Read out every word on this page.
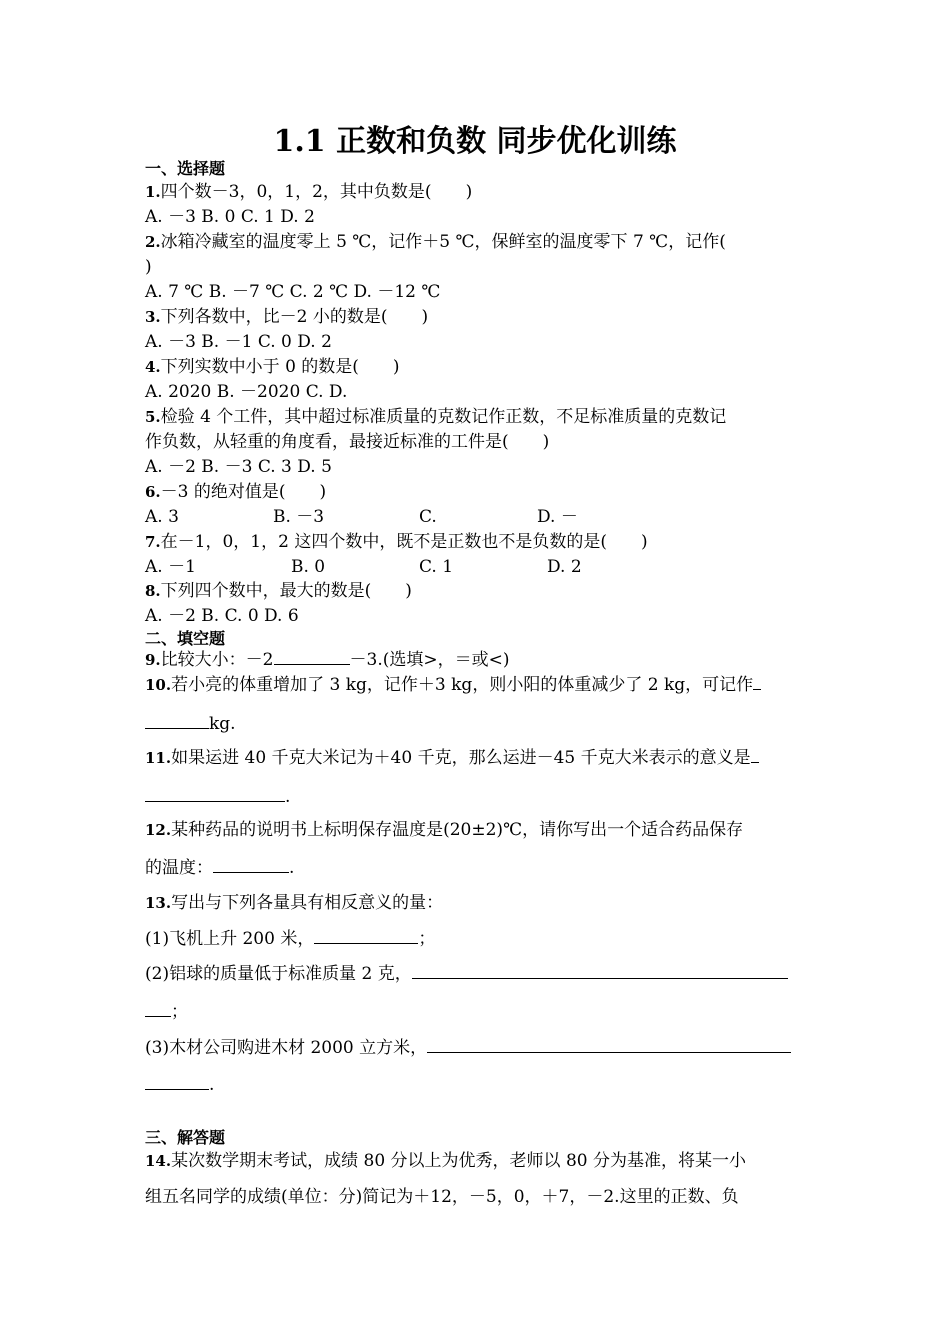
1.1 正数和负数 同步优化训练
一、选择题
1.四个数－3，0，1，2，其中负数是(　　)
A. －3 B. 0 C. 1 D. 2
2.冰箱冷藏室的温度零上 5 ℃，记作＋5 ℃，保鲜室的温度零下 7 ℃，记作(
)
A. 7 ℃ B. －7 ℃ C. 2 ℃ D. －12 ℃
3.下列各数中，比－2 小的数是(　　)
A. －3 B. －1 C. 0 D. 2
4.下列实数中小于 0 的数是(　　)
A. 2020 B. －2020 C. D.
5.检验 4 个工件，其中超过标准质量的克数记作正数，不足标准质量的克数记
作负数，从轻重的角度看，最接近标准的工件是(　　)
A. －2 B. －3 C. 3 D. 5
6.－3 的绝对值是(　　)
A. 3	B. －3	C.	D. －
7.在－1，0，1，2 这四个数中，既不是正数也不是负数的是(　　)
A. －1	B. 0	C. 1	D. 2
8.下列四个数中，最大的数是(　　)
A. －2 B. C. 0 D. 6
二、填空题
9.比较大小：－2	－3.(选填>，＝或<)
10.若小亮的体重增加了 3 kg，记作＋3 kg，则小阳的体重减少了 2 kg，可记作
kg.
11.如果运进 40 千克大米记为＋40 千克，那么运进－45 千克大米表示的意义是
.
12.某种药品的说明书上标明保存温度是(20±2)℃，请你写出一个适合药品保存
的温度：	.
13.写出与下列各量具有相反意义的量：
(1)飞机上升 200 米，	；
(2)铝球的质量低于标准质量 2 克，
；
(3)木材公司购进木材 2000 立方米，
.
三、解答题
14.某次数学期末考试，成绩 80 分以上为优秀，老师以 80 分为基准，将某一小
组五名同学的成绩(单位：分)简记为＋12，－5，0，＋7，－2.这里的正数、负
